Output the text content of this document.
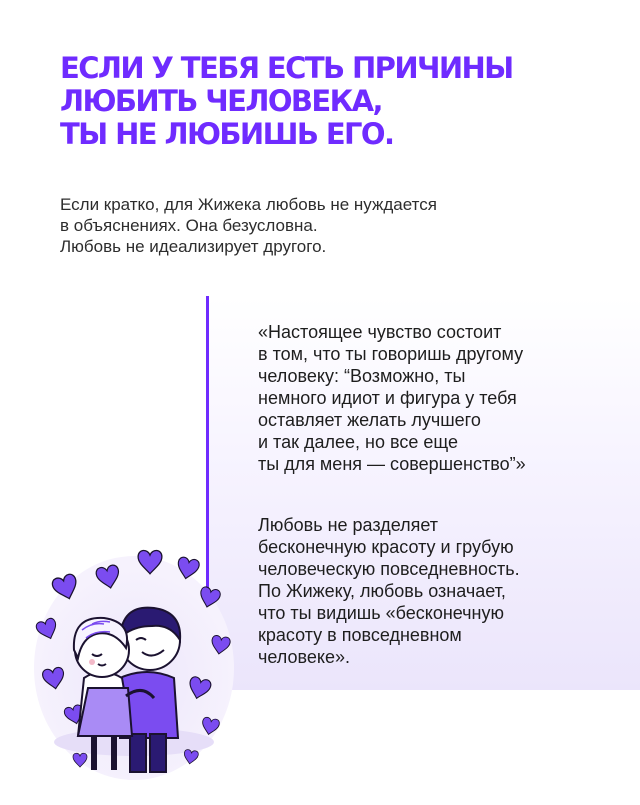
ЕСЛИ У ТЕБЯ ЕСТЬ ПРИЧИНЫ
ЛЮБИТЬ ЧЕЛОВЕКА,
ТЫ НЕ ЛЮБИШЬ ЕГО.
Если кратко, для Жижека любовь не нуждается
в объяснениях. Она безусловна.
Любовь не идеализирует другого.
«Настоящее чувство состоит
в том, что ты говоришь другому
человеку: “Возможно, ты
немного идиот и фигура у тебя
оставляет желать лучшего
и так далее, но все еще
ты для меня — совершенство”»
Любовь не разделяет
бесконечную красоту и грубую
человеческую повседневность.
По Жижеку, любовь означает,
что ты видишь «бесконечную
красоту в повседневном
человеке».
